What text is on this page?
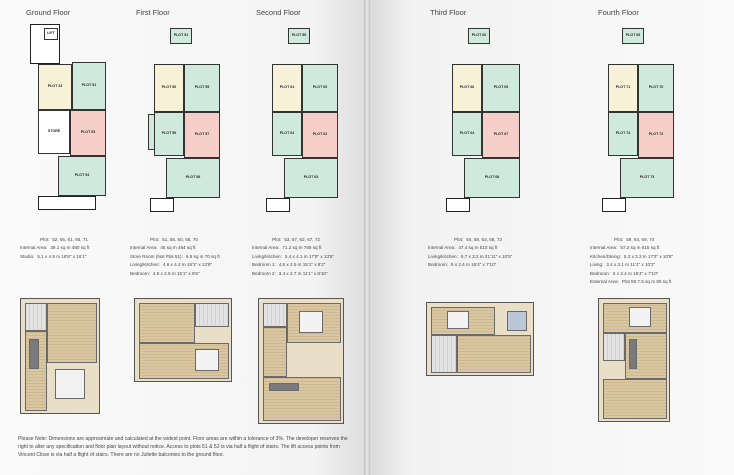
Ground Floor
LIFT
PLOT 23	PLOT 51
STORE	PLOT 53
PLOT 54
Plot: 52, 56, 61, 66, 71
Internal Area: 39.1 sq m 480 sq ft
Studio: 5.1 x 4.9 m 16'8" x 16'1"
First Floor
PLOT 51
PLOT 56	PLOT 55
PLOT 59	PLOT 57
PLOT 58
Plot: 51, 55, 60, 65, 70
Internal Area: 45 sq m 484 sq ft
Store Room (Not Plot 51): 6.5 sq m 70 sq ft
Living/Kitchen: 4.6 x 4.2 m 15'1" x 13'9"
Bedroom: 4.6 x 2.6 m 15'1" x 8'6"
Second Floor
PLOT 55
PLOT 61	PLOT 60
PLOT 64	PLOT 62
PLOT 63
Plot: 53, 57, 62, 67, 72
Internal Area: 71.2 sq m 766 sq ft
Living/Kitchen: 5.4 x 4.1 m 17'8" x 13'5"
Bedroom 1: 4.6 x 2.5 m 15'1" x 8'2"
Bedroom 2: 3.4 x 2.7 m 11'1" x 8'10"
Third Floor
PLOT 60
PLOT 66	PLOT 65
PLOT 64	PLOT 67
PLOT 68
Plot: 54, 58, 63, 68, 73
Internal Area: 47.4 sq m 510 sq ft
Living/Kitchen: 6.7 x 3.2 m 21'11" x 10'5"
Bedroom: 5 x 2.4 m 16'4" x 7'10"
Fourth Floor
PLOT 65
PLOT 71	PLOT 70
PLOT 74	PLOT 72
PLOT 73
Plot: 59, 64, 69, 74
Internal Area: 57.2 sq m 615 sq ft
Kitchen/Dining: 5.3 x 3.3 m 17'3" x 10'8"
Living: 3.4 x 3.1 m 11'1" x 10'2"
Bedroom: 5 x 2.4 m 16'4" x 7'10"
External Area: Plot 59 7.5 sq m 80 sq ft
Please Note: Dimensions are approximate and calculated at the widest point. Floor areas are within a tolerance of 3%. The developer reserves the right to alter any specification and floor plan layout without notice. Access to plots 51 & 52 is via half a flight of stairs. The lift access points from Vincent Close is via half a flight of stairs. There are no Juliette balconies to the ground floor.
